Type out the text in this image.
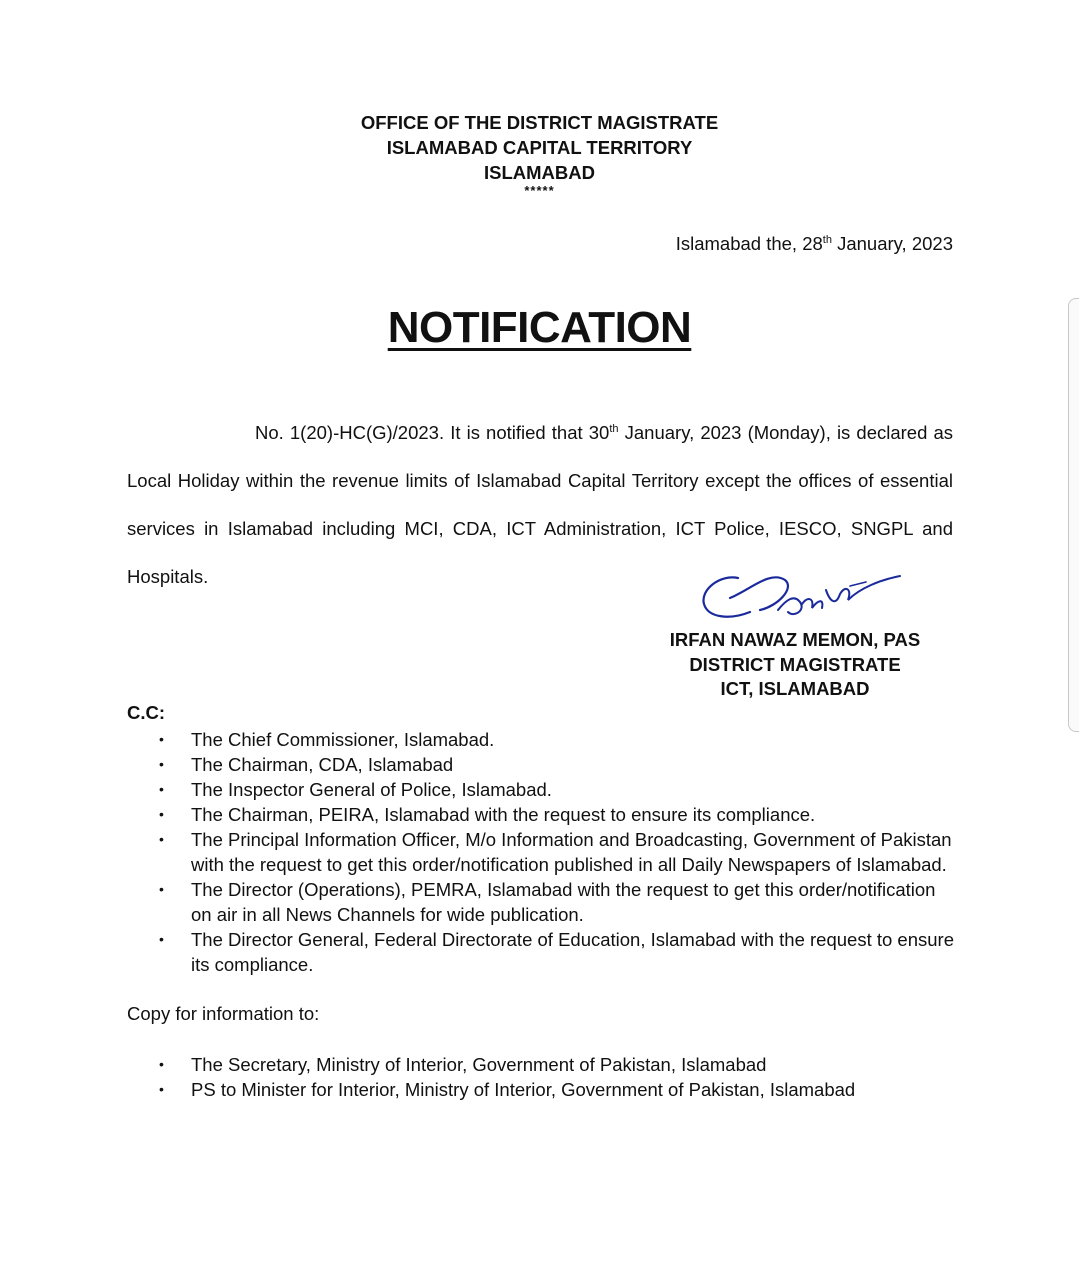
OFFICE OF THE DISTRICT MAGISTRATE
ISLAMABAD CAPITAL TERRITORY
ISLAMABAD
*****
Islamabad the, 28th January, 2023
NOTIFICATION
No. 1(20)-HC(G)/2023. It is notified that 30th January, 2023 (Monday), is declared as Local Holiday within the revenue limits of Islamabad Capital Territory except the offices of essential services in Islamabad including MCI, CDA, ICT Administration, ICT Police, IESCO, SNGPL and Hospitals.
IRFAN NAWAZ MEMON, PAS
DISTRICT MAGISTRATE
ICT, ISLAMABAD
C.C:
• The Chief Commissioner, Islamabad.
• The Chairman, CDA, Islamabad
• The Inspector General of Police, Islamabad.
• The Chairman, PEIRA, Islamabad with the request to ensure its compliance.
• The Principal Information Officer, M/o Information and Broadcasting, Government of Pakistan with the request to get this order/notification published in all Daily Newspapers of Islamabad.
• The Director (Operations), PEMRA, Islamabad with the request to get this order/notification on air in all News Channels for wide publication.
• The Director General, Federal Directorate of Education, Islamabad with the request to ensure its compliance.
Copy for information to:
• The Secretary, Ministry of Interior, Government of Pakistan, Islamabad
• PS to Minister for Interior, Ministry of Interior, Government of Pakistan, Islamabad
